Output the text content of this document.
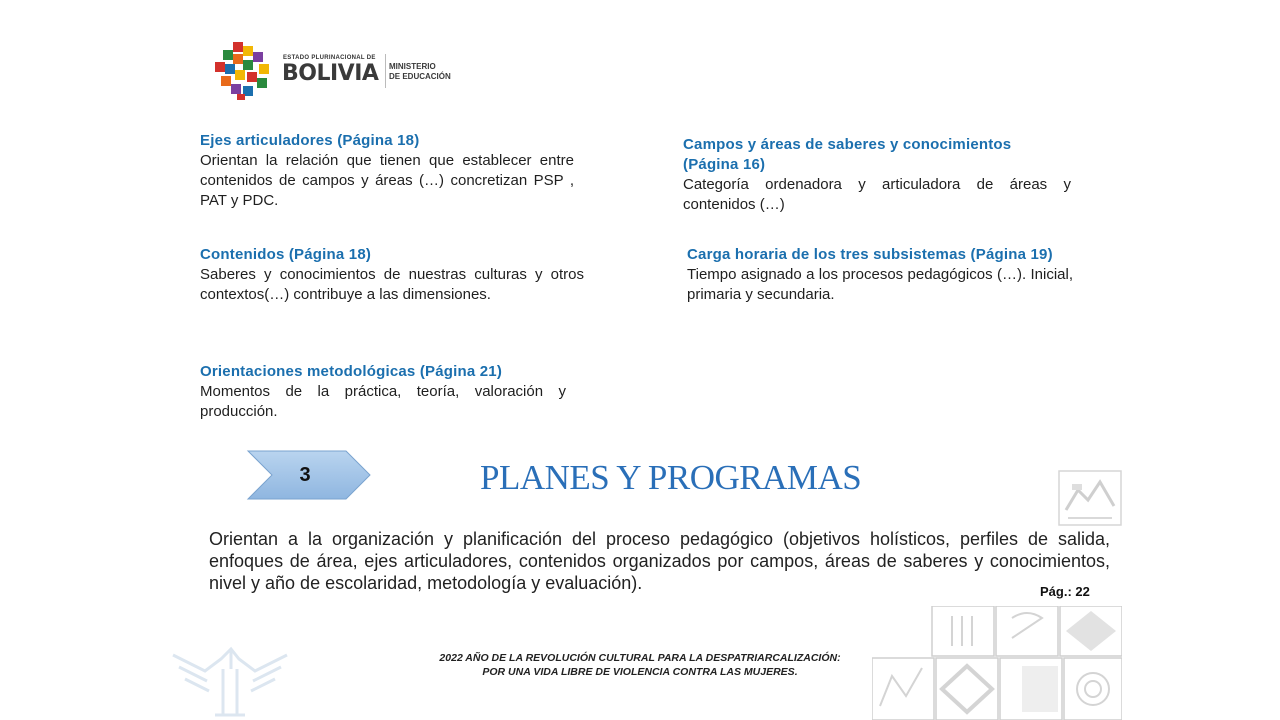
ESTADO PLURINACIONAL DE
BOLIVIA MINISTERIO
DE EDUCACIÓN
Ejes articuladores (Página 18)
Orientan la relación que tienen que establecer entre contenidos de campos y áreas (…) concretizan PSP , PAT y PDC.
Campos y áreas de saberes y conocimientos (Página 16)
Categoría ordenadora y articuladora de áreas y contenidos (…)
Contenidos (Página 18)
Saberes y conocimientos de nuestras culturas y otros contextos(…) contribuye a las dimensiones.
Carga horaria de los tres subsistemas (Página 19)
Tiempo asignado a los procesos pedagógicos (…). Inicial, primaria y secundaria.
Orientaciones metodológicas (Página 21)
Momentos de la práctica, teoría, valoración y producción.
3	PLANES Y PROGRAMAS
Orientan a la organización y planificación del proceso pedagógico (objetivos holísticos, perfiles de salida, enfoques de área, ejes articuladores, contenidos organizados por campos, áreas de saberes y conocimientos, nivel y año de escolaridad, metodología y evaluación).	Pág.: 22
2022 AÑO DE LA REVOLUCIÓN CULTURAL PARA LA DESPATRIARCALIZACIÓN:
POR UNA VIDA LIBRE DE VIOLENCIA CONTRA LAS MUJERES.
